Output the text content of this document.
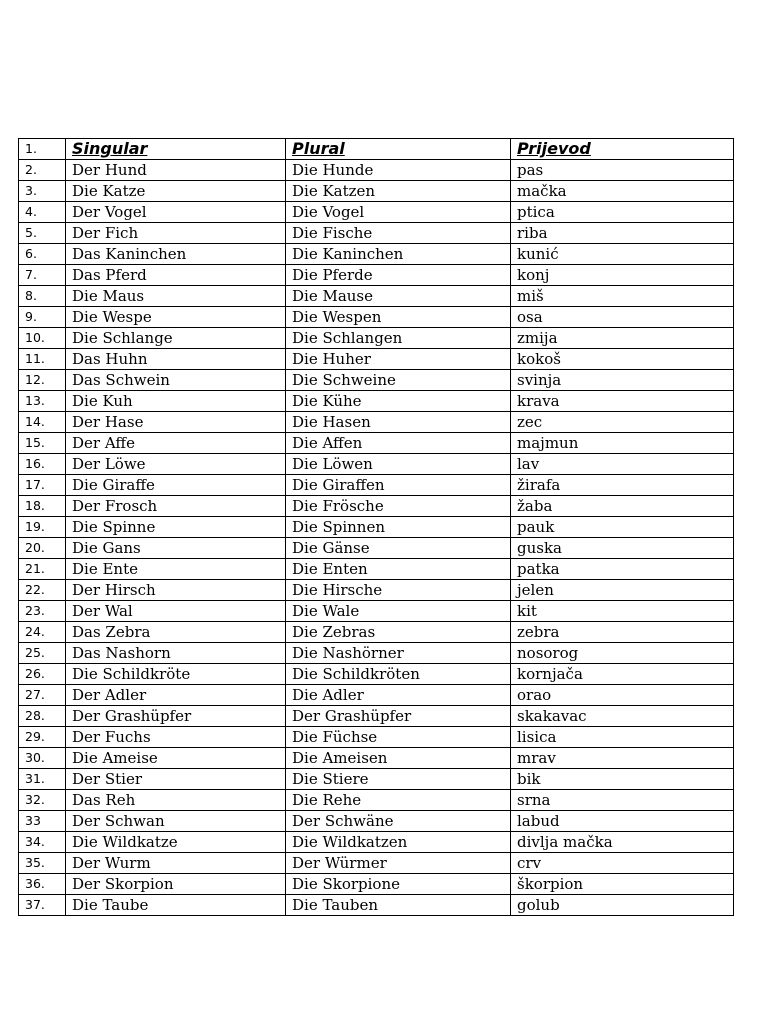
1.	Singular	Plural	Prijevod
2.	Der Hund	Die Hunde	pas
3.	Die Katze	Die Katzen	mačka
4.	Der Vogel	Die Vogel	ptica
5.	Der Fich	Die Fische	riba
6.	Das Kaninchen	Die Kaninchen	kunić
7.	Das Pferd	Die Pferde	konj
8.	Die Maus	Die Mause	miš
9.	Die Wespe	Die Wespen	osa
10.	Die Schlange	Die Schlangen	zmija
11.	Das Huhn	Die Huher	kokoš
12.	Das Schwein	Die Schweine	svinja
13.	Die Kuh	Die Kühe	krava
14.	Der Hase	Die Hasen	zec
15.	Der Affe	Die Affen	majmun
16.	Der Löwe	Die Löwen	lav
17.	Die Giraffe	Die Giraffen	žirafa
18.	Der Frosch	Die Frösche	žaba
19.	Die Spinne	Die Spinnen	pauk
20.	Die Gans	Die Gänse	guska
21.	Die Ente	Die Enten	patka
22.	Der Hirsch	Die Hirsche	jelen
23.	Der Wal	Die Wale	kit
24.	Das Zebra	Die Zebras	zebra
25.	Das Nashorn	Die Nashörner	nosorog
26.	Die Schildkröte	Die Schildkröten	kornjača
27.	Der Adler	Die Adler	orao
28.	Der Grashüpfer	Der Grashüpfer	skakavac
29.	Der Fuchs	Die Füchse	lisica
30.	Die Ameise	Die Ameisen	mrav
31.	Der Stier	Die Stiere	bik
32.	Das Reh	Die Rehe	srna
33	Der Schwan	Der Schwäne	labud
34.	Die Wildkatze	Die Wildkatzen	divlja mačka
35.	Der Wurm	Der Würmer	crv
36.	Der Skorpion	Die Skorpione	škorpion
37.	Die Taube	Die Tauben	golub
